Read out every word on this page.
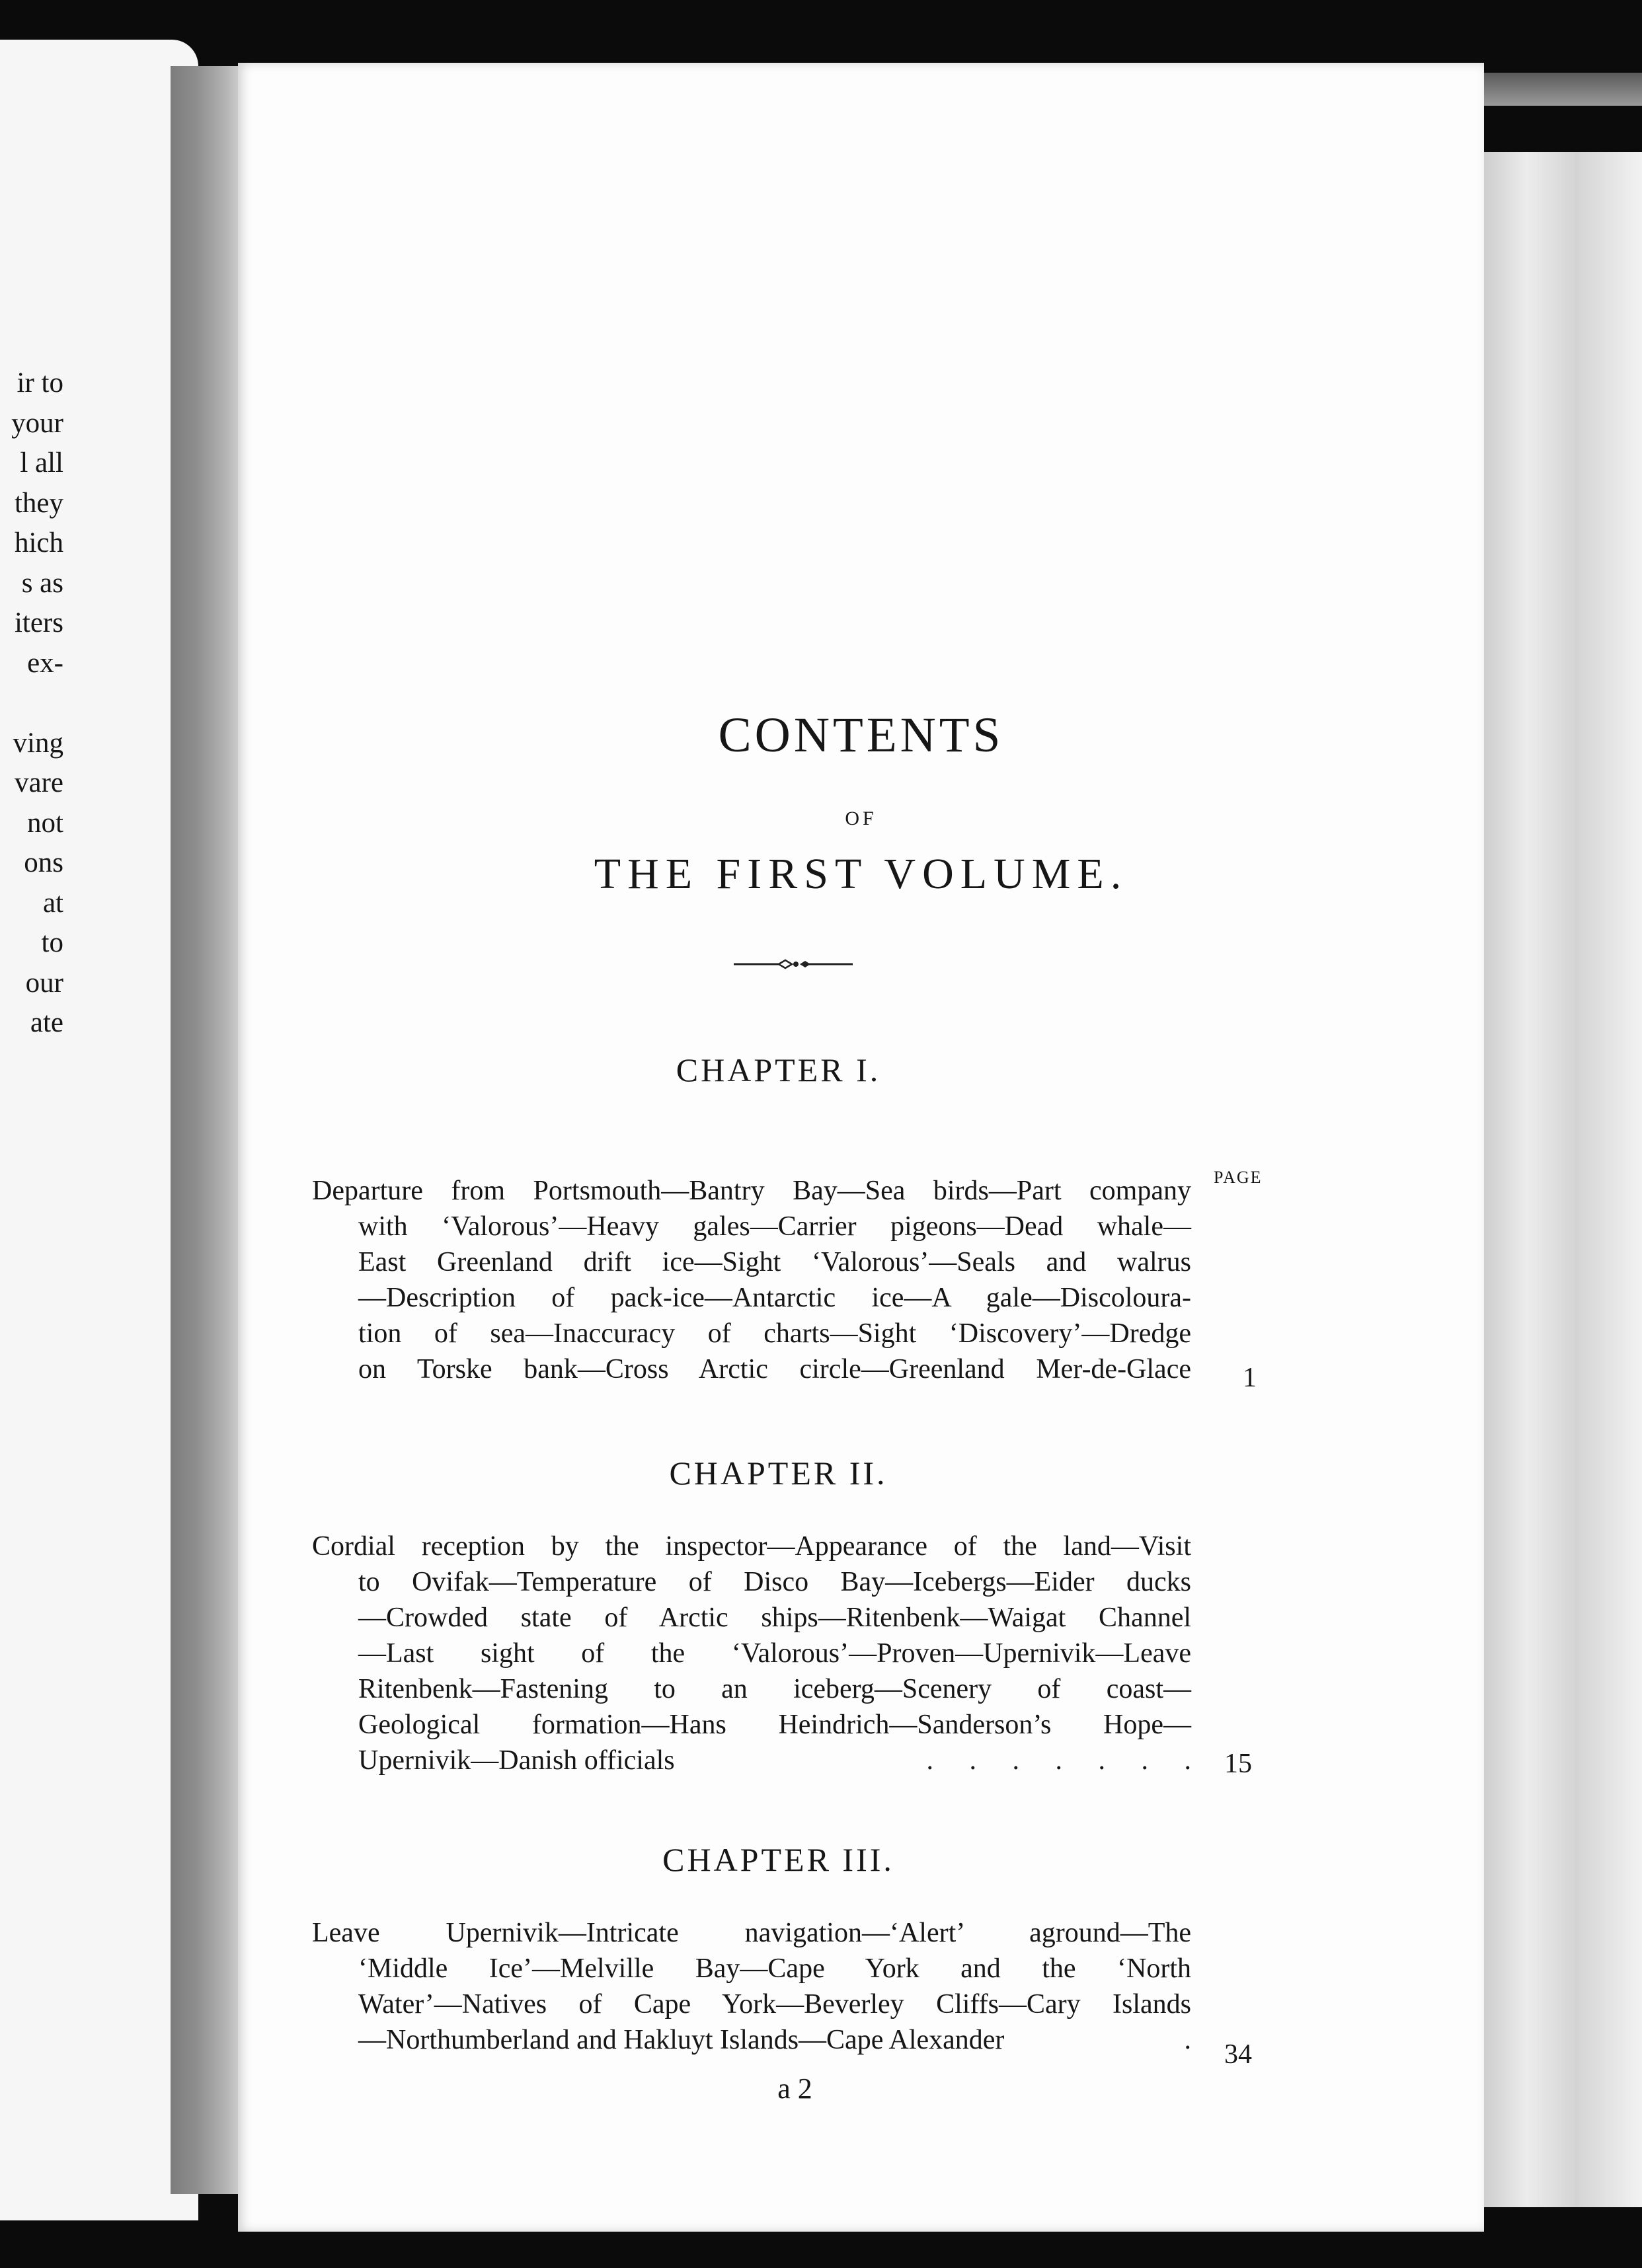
ir to
your
l all
they
hich
s as
iters
ex-
ving
vare
not
ons
at
to
our
ate
CONTENTS
OF
THE FIRST VOLUME.
PAGE
CHAPTER I.
Departure from Portsmouth—Bantry Bay—Sea birds—Part company
with ‘Valorous’—Heavy gales—Carrier pigeons—Dead whale—
East Greenland drift ice—Sight ‘Valorous’—Seals and walrus
—Description of pack-ice—Antarctic ice—A gale—Discoloura-
tion of sea—Inaccuracy of charts—Sight ‘Discovery’—Dredge
on Torske bank—Cross Arctic circle—Greenland Mer-de-Glace 1
CHAPTER II.
Cordial reception by the inspector—Appearance of the land—Visit
to Ovifak—Temperature of Disco Bay—Icebergs—Eider ducks
—Crowded state of Arctic ships—Ritenbenk—Waigat Channel
—Last sight of the ‘Valorous’—Proven—Upernivik—Leave
Ritenbenk—Fastening to an iceberg—Scenery of coast—
Geological formation—Hans Heindrich—Sanderson’s Hope—
Upernivik—Danish officials	. . . . . . . 15
CHAPTER III.
Leave Upernivik—Intricate navigation—‘Alert’ aground—The
‘Middle Ice’—Melville Bay—Cape York and the ‘North
Water’—Natives of Cape York—Beverley Cliffs—Cary Islands
—Northumberland and Hakluyt Islands—Cape Alexander	. 34
a 2
